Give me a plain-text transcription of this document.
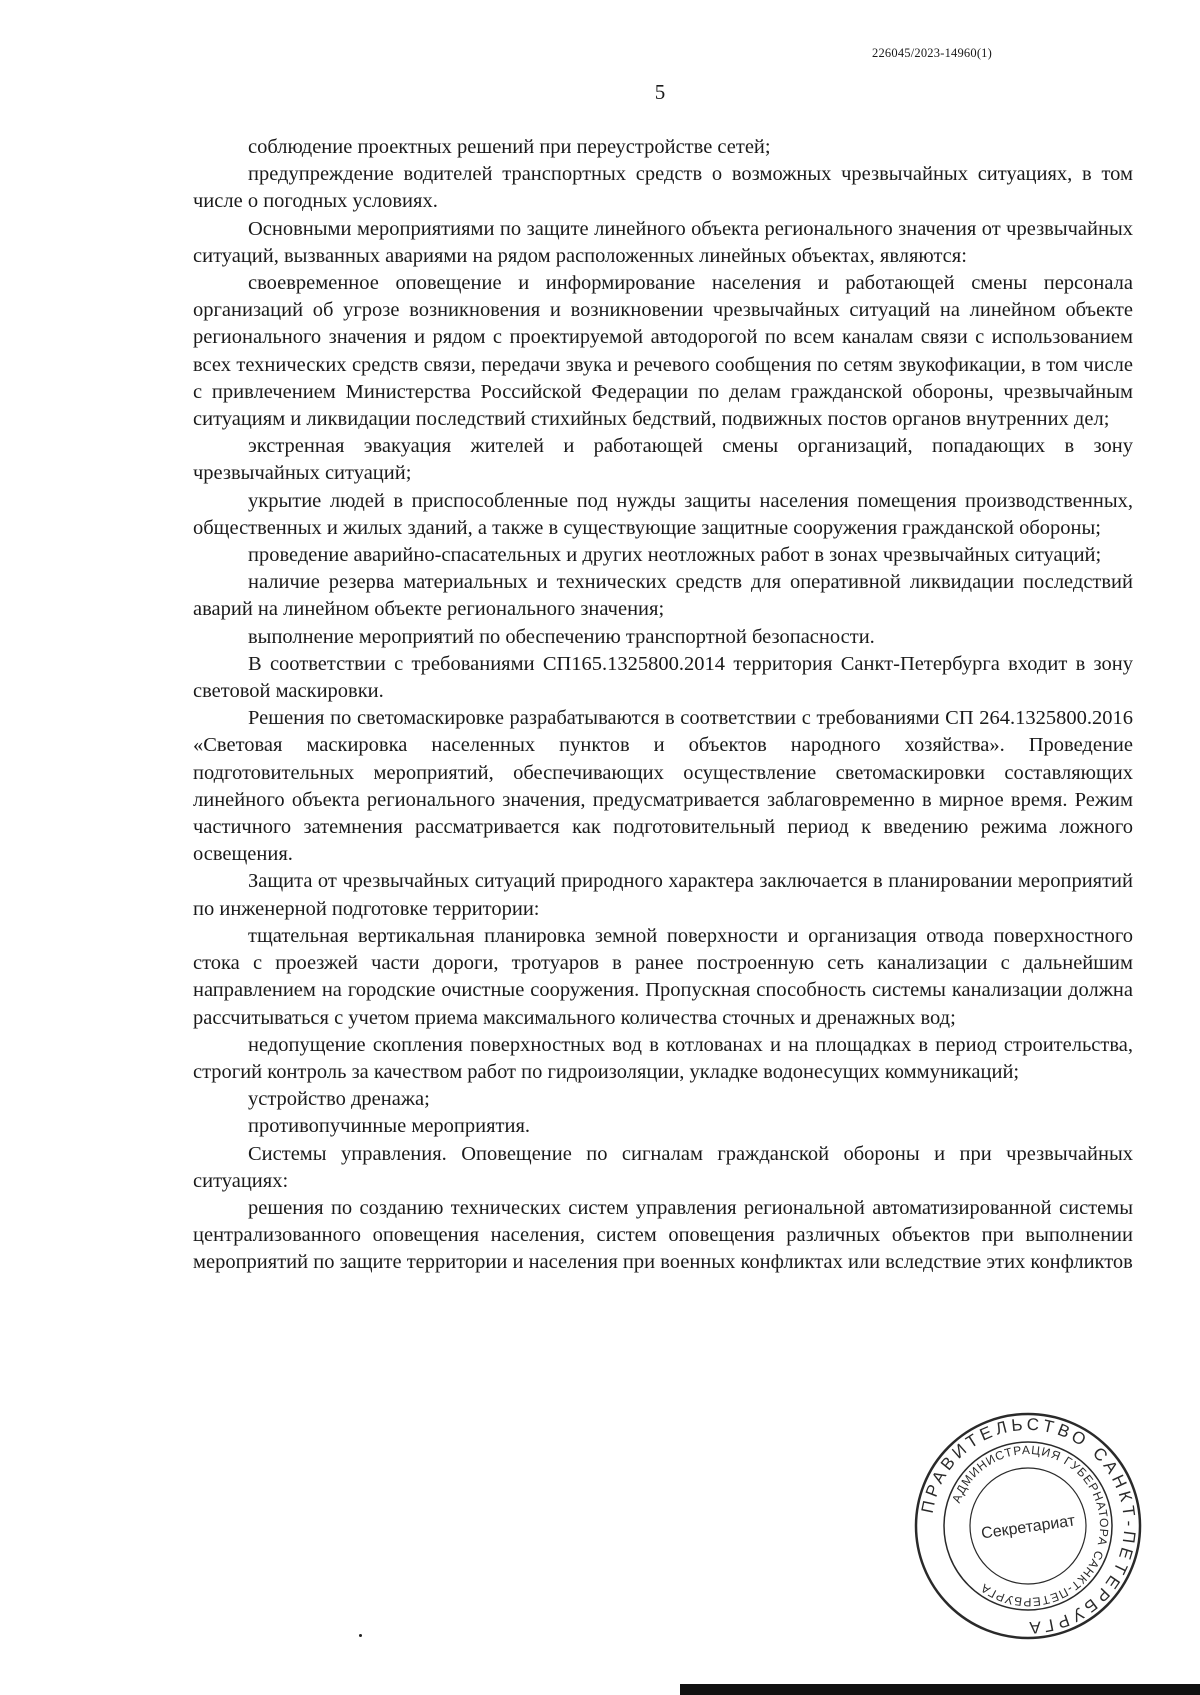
226045/2023-14960(1)
5

соблюдение проектных решений при переустройстве сетей;

предупреждение водителей транспортных средств о возможных чрезвычайных ситуациях, в том числе о погодных условиях.

Основными мероприятиями по защите линейного объекта регионального значения от чрезвычайных ситуаций, вызванных авариями на рядом расположенных линейных объектах, являются:

своевременное оповещение и информирование населения и работающей смены персонала организаций об угрозе возникновения и возникновении чрезвычайных ситуаций на линейном объекте регионального значения и рядом с проектируемой автодорогой по всем каналам связи с использованием всех технических средств связи, передачи звука и речевого сообщения по сетям звукофикации, в том числе с привлечением Министерства Российской Федерации по делам гражданской обороны, чрезвычайным ситуациям и ликвидации последствий стихийных бедствий, подвижных постов органов внутренних дел;

экстренная эвакуация жителей и работающей смены организаций, попадающих в зону чрезвычайных ситуаций;

укрытие людей в приспособленные под нужды защиты населения помещения производственных, общественных и жилых зданий, а также в существующие защитные сооружения гражданской обороны;

проведение аварийно-спасательных и других неотложных работ в зонах чрезвычайных ситуаций;

наличие резерва материальных и технических средств для оперативной ликвидации последствий аварий на линейном объекте регионального значения;

выполнение мероприятий по обеспечению транспортной безопасности.

В соответствии с требованиями СП165.1325800.2014 территория Санкт-Петербурга входит в зону световой маскировки.

Решения по светомаскировке разрабатываются в соответствии с требованиями СП 264.1325800.2016 «Световая маскировка населенных пунктов и объектов народного хозяйства». Проведение подготовительных мероприятий, обеспечивающих осуществление светомаскировки составляющих линейного объекта регионального значения, предусматривается заблаговременно в мирное время. Режим частичного затемнения рассматривается как подготовительный период к введению режима ложного освещения.

Защита от чрезвычайных ситуаций природного характера заключается в планировании мероприятий по инженерной подготовке территории:

тщательная вертикальная планировка земной поверхности и организация отвода поверхностного стока с проезжей части дороги, тротуаров в ранее построенную сеть канализации с дальнейшим направлением на городские очистные сооружения. Пропускная способность системы канализации должна рассчитываться с учетом приема максимального количества сточных и дренажных вод;

недопущение скопления поверхностных вод в котлованах и на площадках в период строительства, строгий контроль за качеством работ по гидроизоляции, укладке водонесущих коммуникаций;

устройство дренажа;

противопучинные мероприятия.

Системы управления. Оповещение по сигналам гражданской обороны и при чрезвычайных ситуациях:

решения по созданию технических систем управления региональной автоматизированной системы централизованного оповещения населения, систем оповещения различных объектов при выполнении мероприятий по защите территории и населения при военных конфликтах или вследствие этих конфликтов

ПРАВИТЕЛЬСТВО САНКТ-ПЕТЕРБУРГА
АДМИНИСТРАЦИЯ ГУБЕРНАТОРА САНКТ-ПЕТЕРБУРГА
Секретариат
